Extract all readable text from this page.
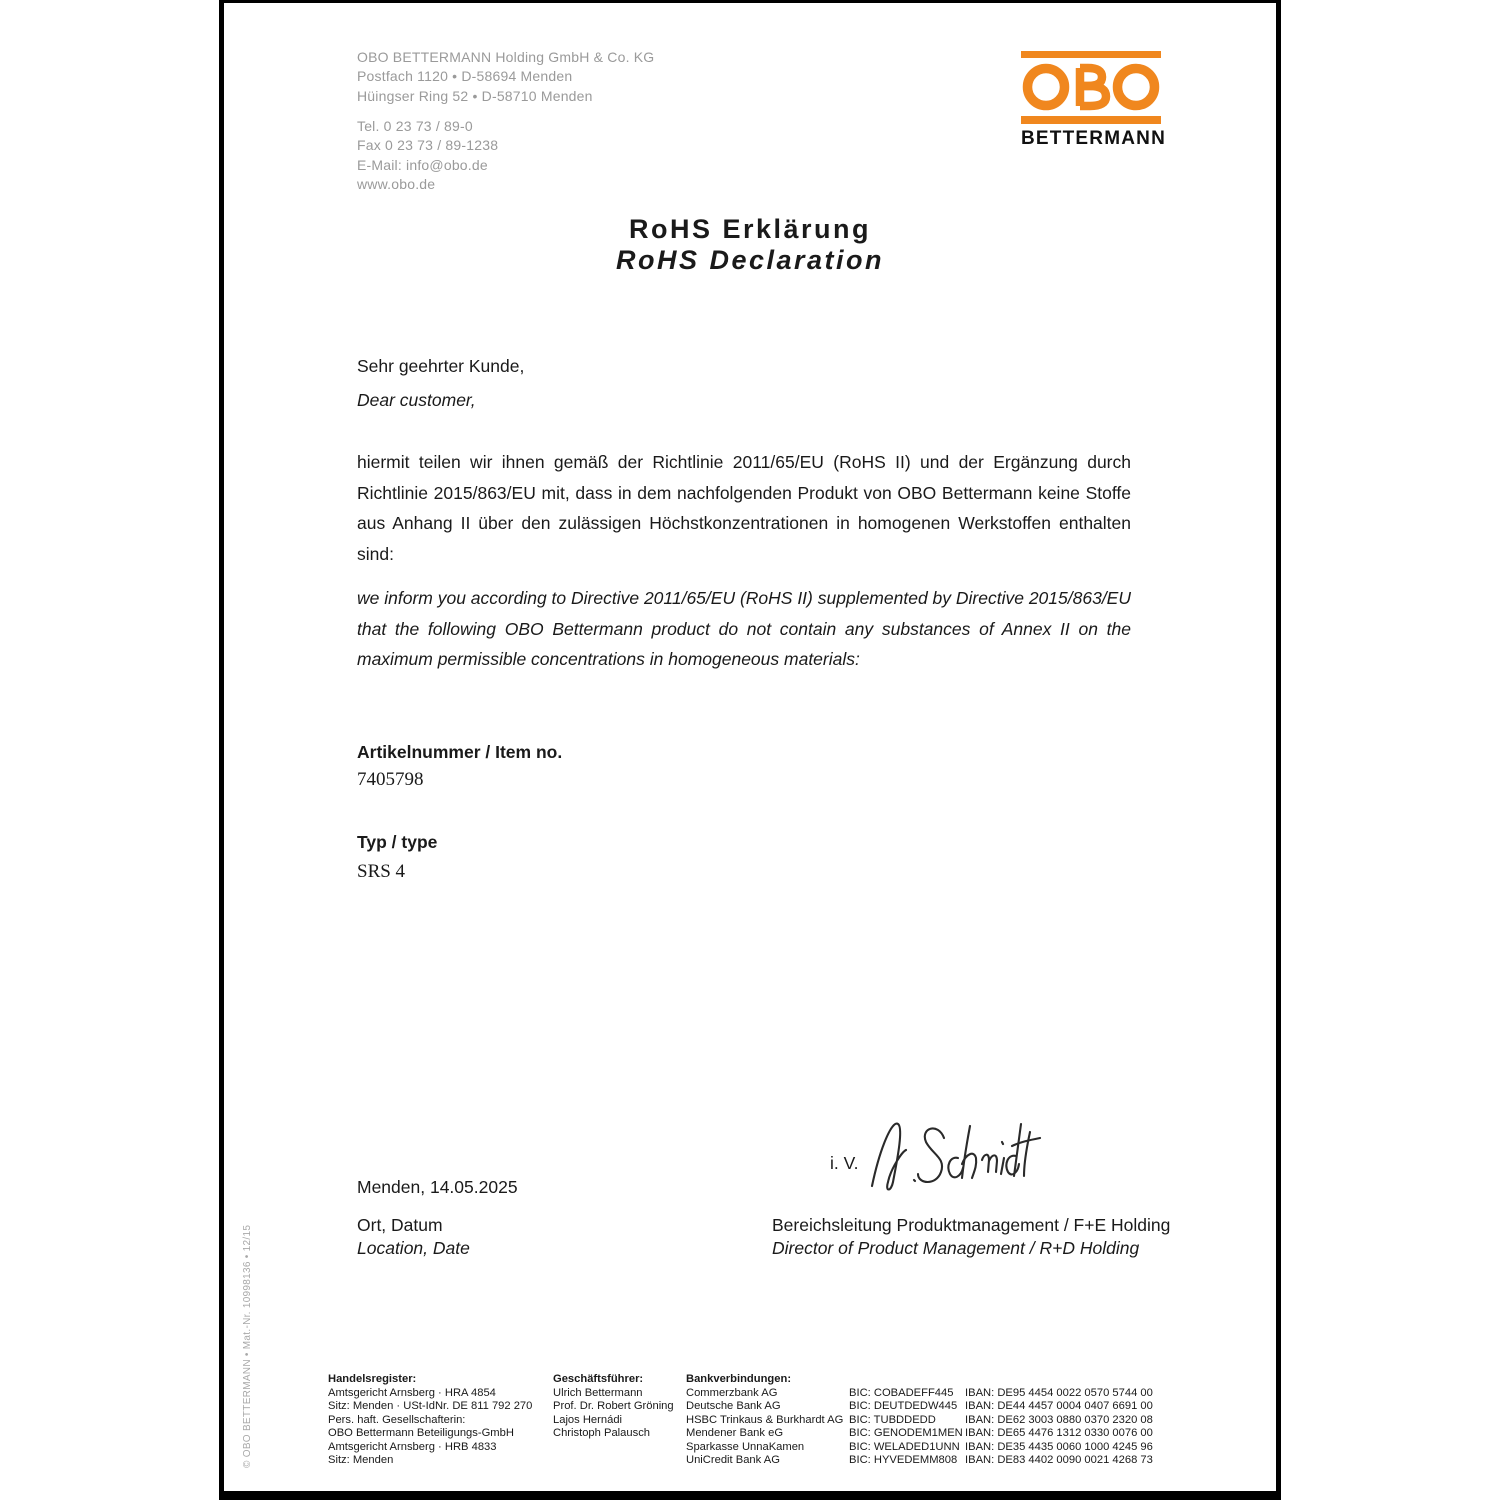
OBO BETTERMANN Holding GmbH & Co. KG
Postfach 1120 • D-58694 Menden
Hüingser Ring 52 • D-58710 Menden
Tel. 0 23 73 / 89-0
Fax 0 23 73 / 89-1238
E-Mail: info@obo.de
www.obo.de
BETTERMANN
RoHS Erklärung
RoHS Declaration
Sehr geehrter Kunde,
Dear customer,
hiermit teilen wir ihnen gemäß der Richtlinie 2011/65/EU (RoHS II) und der Ergänzung durch Richtlinie 2015/863/EU mit, dass in dem nachfolgenden Produkt von OBO Bettermann keine Stoffe aus Anhang II über den zulässigen Höchstkonzentrationen in homogenen Werkstoffen enthalten sind:
we inform you according to Directive 2011/65/EU (RoHS II) supplemented by Directive 2015/863/EU that the following OBO Bettermann product do not contain any substances of Annex II on the maximum permissible concentrations in homogeneous materials:
Artikelnummer / Item no.
7405798
Typ / type
SRS 4
i. V.
Menden, 14.05.2025
Ort, Datum
Location, Date
Bereichsleitung Produktmanagement / F+E Holding
Director of Product Management / R+D Holding
© OBO BETTERMANN • Mat.-Nr. 10998136 • 12/15	Handelsregister:
Amtsgericht Arnsberg · HRA 4854
Sitz: Menden · USt-IdNr. DE 811 792 270
Pers. haft. Gesellschafterin:
OBO Bettermann Beteiligungs-GmbH
Amtsgericht Arnsberg · HRB 4833
Sitz: Menden
Geschäftsführer:
Ulrich Bettermann
Prof. Dr. Robert Gröning
Lajos Hernádi
Christoph Palausch
Bankverbindungen:
Commerzbank AG
Deutsche Bank AG
HSBC Trinkaus & Burkhardt AG
Mendener Bank eG
Sparkasse UnnaKamen
UniCredit Bank AG
BIC: COBADEFF445
BIC: DEUTDEDW445
BIC: TUBDDEDD
BIC: GENODEM1MEN
BIC: WELADED1UNN
BIC: HYVEDEMM808
IBAN: DE95 4454 0022 0570 5744 00
IBAN: DE44 4457 0004 0407 6691 00
IBAN: DE62 3003 0880 0370 2320 08
IBAN: DE65 4476 1312 0330 0076 00
IBAN: DE35 4435 0060 1000 4245 96
IBAN: DE83 4402 0090 0021 4268 73
